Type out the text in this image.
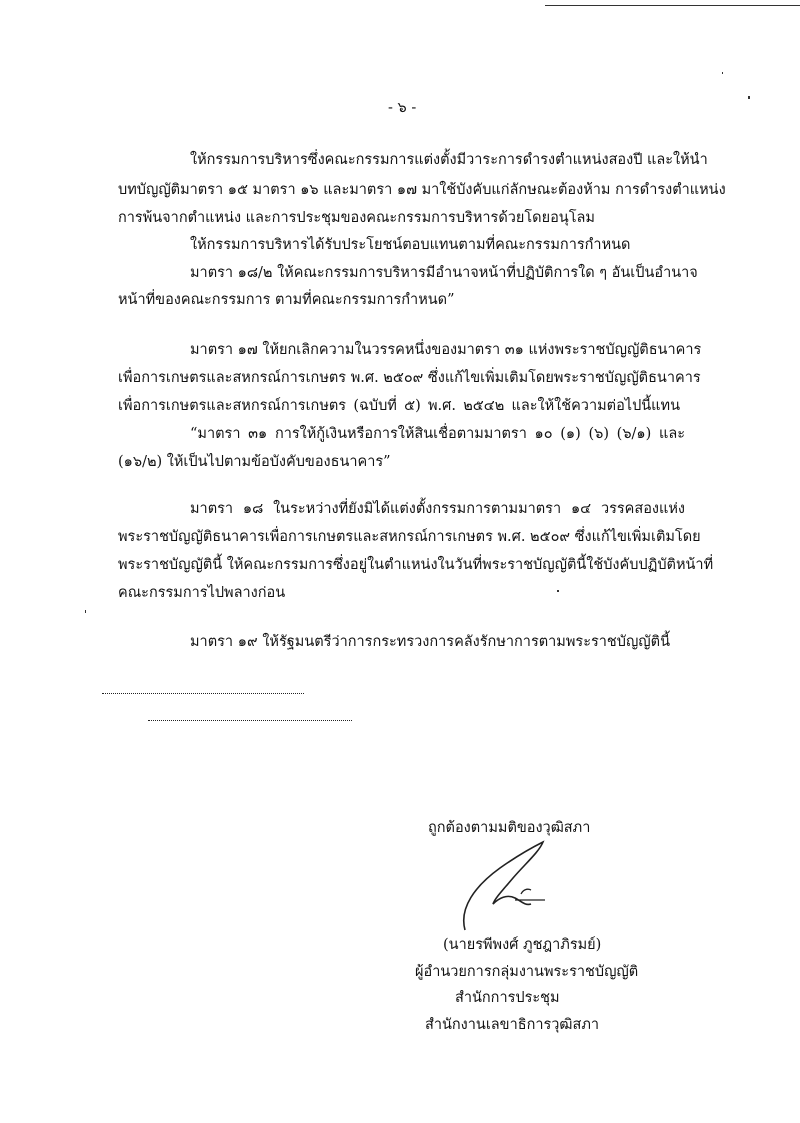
- ๖ -
ให้กรรมการบริหารซึ่งคณะกรรมการแต่งตั้งมีวาระการดำรงตำแหน่งสองปี และให้นำ
บทบัญญัติมาตรา ๑๕ มาตรา ๑๖ และมาตรา ๑๗ มาใช้บังคับแก่ลักษณะต้องห้าม การดำรงตำแหน่ง
การพ้นจากตำแหน่ง และการประชุมของคณะกรรมการบริหารด้วยโดยอนุโลม
ให้กรรมการบริหารได้รับประโยชน์ตอบแทนตามที่คณะกรรมการกำหนด
มาตรา ๑๘/๒ ให้คณะกรรมการบริหารมีอำนาจหน้าที่ปฏิบัติการใด ๆ อันเป็นอำนาจ
หน้าที่ของคณะกรรมการ ตามที่คณะกรรมการกำหนด”
มาตรา ๑๗ ให้ยกเลิกความในวรรคหนึ่งของมาตรา ๓๑ แห่งพระราชบัญญัติธนาคาร
เพื่อการเกษตรและสหกรณ์การเกษตร พ.ศ. ๒๕๐๙ ซึ่งแก้ไขเพิ่มเติมโดยพระราชบัญญัติธนาคาร
เพื่อการเกษตรและสหกรณ์การเกษตร (ฉบับที่ ๕) พ.ศ. ๒๕๔๒ และให้ใช้ความต่อไปนี้แทน
“มาตรา ๓๑ การให้กู้เงินหรือการให้สินเชื่อตามมาตรา ๑๐ (๑) (๖) (๖/๑) และ
(๑๖/๒) ให้เป็นไปตามข้อบังคับของธนาคาร”
มาตรา ๑๘ ในระหว่างที่ยังมิได้แต่งตั้งกรรมการตามมาตรา ๑๔ วรรคสองแห่ง
พระราชบัญญัติธนาคารเพื่อการเกษตรและสหกรณ์การเกษตร พ.ศ. ๒๕๐๙ ซึ่งแก้ไขเพิ่มเติมโดย
พระราชบัญญัตินี้ ให้คณะกรรมการซึ่งอยู่ในตำแหน่งในวันที่พระราชบัญญัตินี้ใช้บังคับปฏิบัติหน้าที่
คณะกรรมการไปพลางก่อน
มาตรา ๑๙ ให้รัฐมนตรีว่าการกระทรวงการคลังรักษาการตามพระราชบัญญัตินี้
ถูกต้องตามมติของวุฒิสภา
(นายรพีพงศ์ ภูชฎาภิรมย์)
ผู้อำนวยการกลุ่มงานพระราชบัญญัติ
สำนักการประชุม
สำนักงานเลขาธิการวุฒิสภา
